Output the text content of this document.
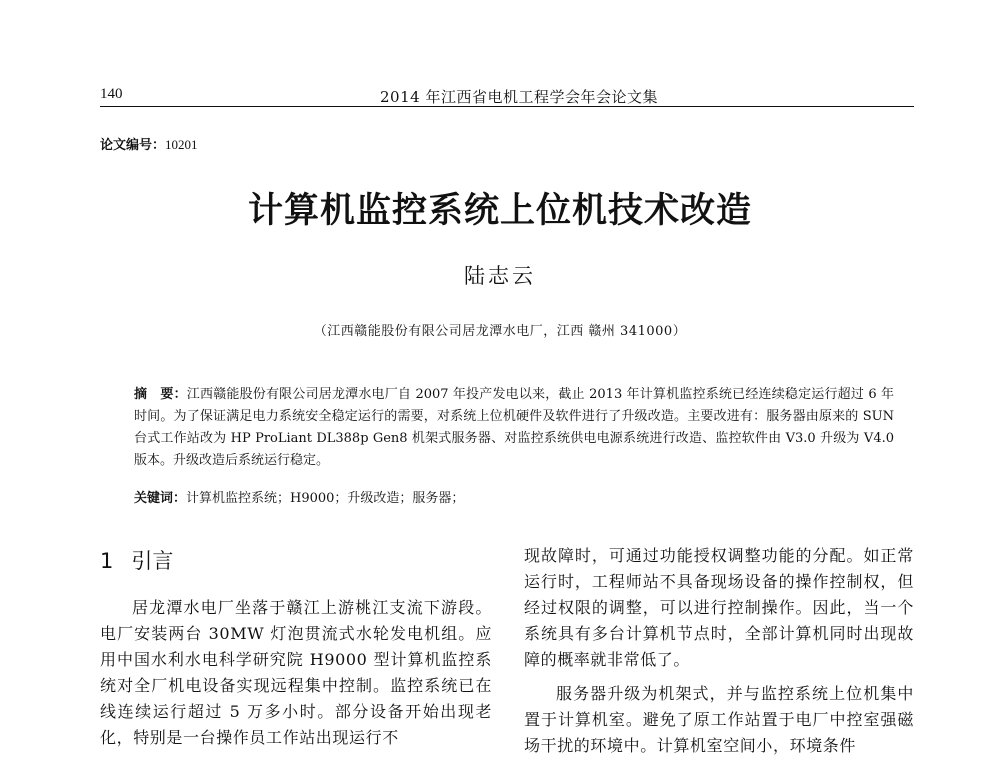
140	2014 年江西省电机工程学会年会论文集
论文编号：10201
计算机监控系统上位机技术改造
陆志云
（江西赣能股份有限公司居龙潭水电厂，江西 赣州 341000）
摘　要：江西赣能股份有限公司居龙潭水电厂自 2007 年投产发电以来，截止 2013 年计算机监控系统已经连续稳定运行超过 6 年时间。为了保证满足电力系统安全稳定运行的需要，对系统上位机硬件及软件进行了升级改造。主要改进有：服务器由原来的 SUN 台式工作站改为 HP ProLiant DL388p Gen8 机架式服务器、对监控系统供电电源系统进行改造、监控软件由 V3.0 升级为 V4.0 版本。升级改造后系统运行稳定。
关键词：计算机监控系统；H9000；升级改造；服务器；
1 引言

居龙潭水电厂坐落于赣江上游桃江支流下游段。电厂安装两台 30MW 灯泡贯流式水轮发电机组。应用中国水利水电科学研究院 H9000 型计算机监控系统对全厂机电设备实现远程集中控制。监控系统已在线连续运行超过 5 万多小时。部分设备开始出现老化，特别是一台操作员工作站出现运行不

现故障时，可通过功能授权调整功能的分配。如正常运行时，工程师站不具备现场设备的操作控制权，但经过权限的调整，可以进行控制操作。因此，当一个系统具有多台计算机节点时，全部计算机同时出现故障的概率就非常低了。

服务器升级为机架式，并与监控系统上位机集中置于计算机室。避免了原工作站置于电厂中控室强磁场干扰的环境中。计算机室空间小，环境条件
